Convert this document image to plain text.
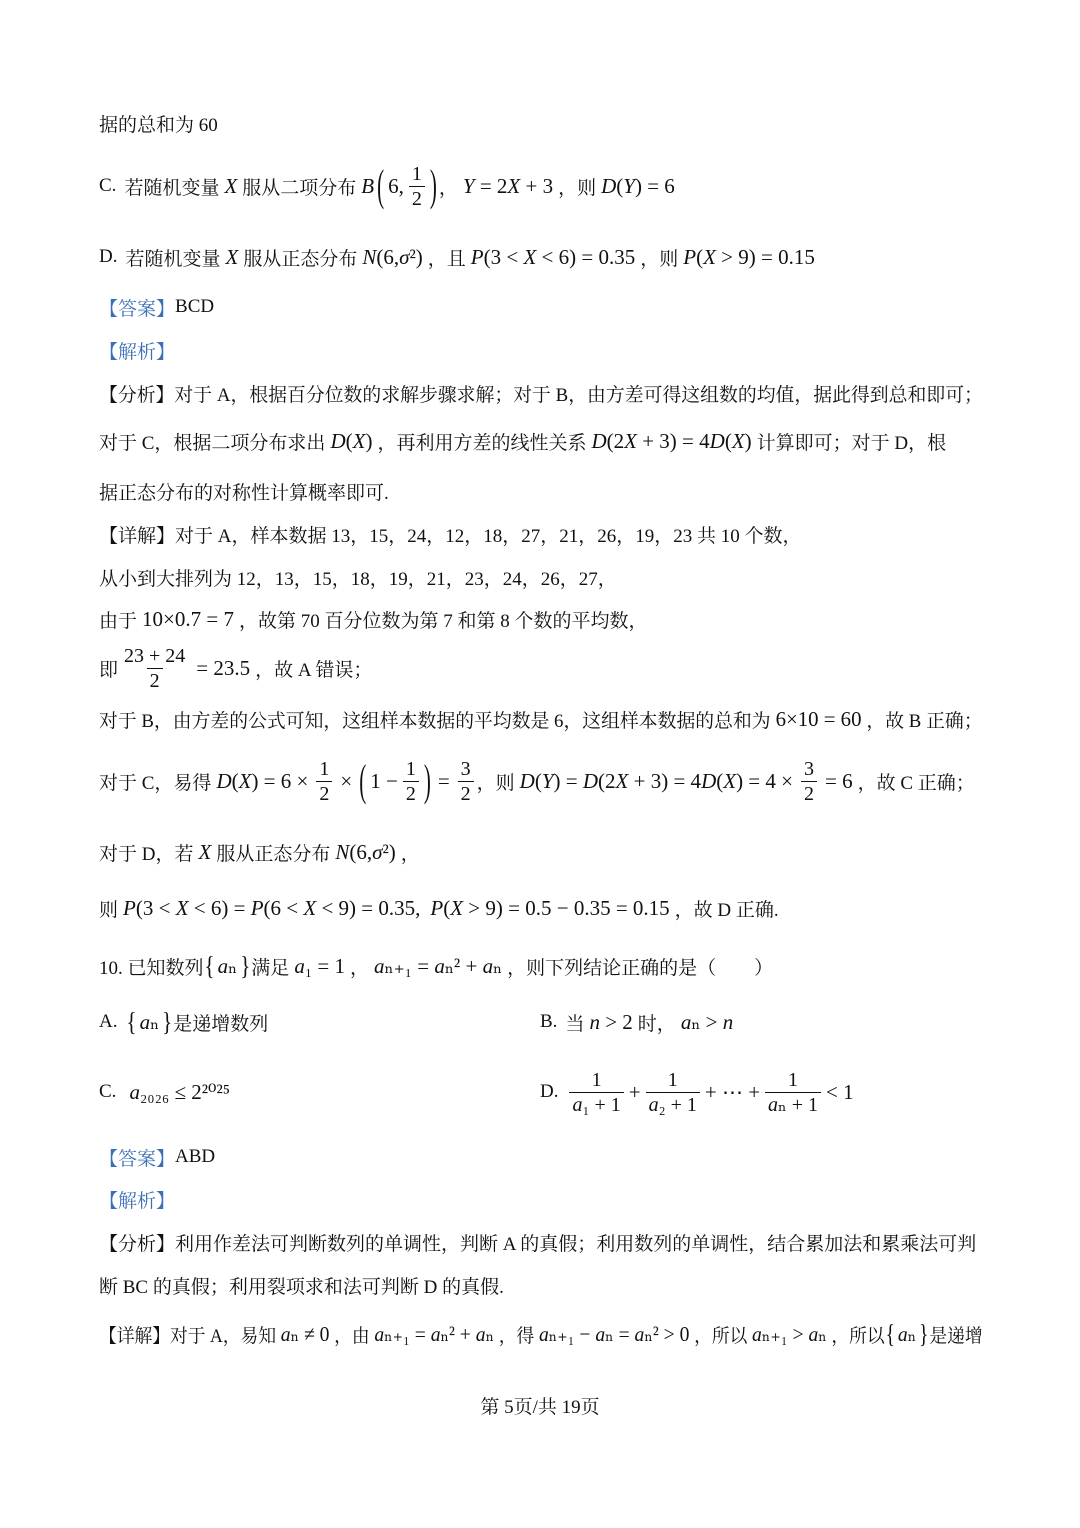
据的总和为 60
C. 若随机变量 X 服从二项分布 B ( 6, $\frac{1}{2}$ ) ， Y = 2X + 3 ，则 D(Y) = 6
D. 若随机变量 X 服从正态分布 N(6,σ²) ，且 P(3 < X < 6) = 0.35 ，则 P(X > 9) = 0.15
【答案】 BCD
【解析】
【分析】 对于 A，根据百分位数的求解步骤求解；对于 B，由方差可得这组数的均值，据此得到总和即可；
对于 C，根据二项分布求出 D(X) ，再利用方差的线性关系 D(2X + 3) = 4D(X) 计算即可；对于 D，根
据正态分布的对称性计算概率即可.
【详解】 对于 A，样本数据 13，15，24，12，18，27，21，26，19，23 共 10 个数，
从小到大排列为 12，13，15，18，19，21，23，24，26，27，
由于 10×0.7 = 7 ，故第 70 百分位数为第 7 和第 8 个数的平均数，
即 $\frac{23 + 24}{2} = 23.5$ ，故 A 错误；
对于 B，由方差的公式可知，这组样本数据的平均数是 6，这组样本数据的总和为 6×10 = 60 ，故 B 正确；
对于 C，易得 $D(X) = 6 \times \frac{1}{2}$ × ( $1 - \frac{1}{2}$ ) = $\frac{3}{2}$ ，则 $D(Y) = D(2X + 3) = 4D(X) = 4 \times \frac{3}{2} = 6$ ，故 C 正确；
对于 D，若 X 服从正态分布 N(6,σ²) ，
则 P(3 < X < 6) = P(6 < X < 9) = 0.35, P(X > 9) = 0.5 − 0.35 = 0.15 ，故 D 正确.
10. 已知数列 { aₙ } 满足 a₁ = 1 ， aₙ₊₁ = aₙ² + aₙ ，则下列结论正确的是（　　）
A. { aₙ } 是递增数列	B. 当 n > 2 时， aₙ > n
C. a₂₀₂₆ ≤ 2²⁰²⁵	D. $\frac{1}{\text{a₁ + 1}} + \frac{1}{\text{a₂ + 1}}$ + ⋯ + $\frac{1}{\text{aₙ + 1}} < 1$
【答案】 ABD
【解析】
【分析】 利用作差法可判断数列的单调性，判断 A 的真假；利用数列的单调性，结合累加法和累乘法可判
断 BC 的真假；利用裂项求和法可判断 D 的真假.
【详解】 对于 A，易知 aₙ ≠ 0 ，由 aₙ₊₁ = aₙ² + aₙ ，得 aₙ₊₁ − aₙ = aₙ² > 0 ，所以 aₙ₊₁ > aₙ ，所以 { aₙ } 是递增
第 5页/共 19页
